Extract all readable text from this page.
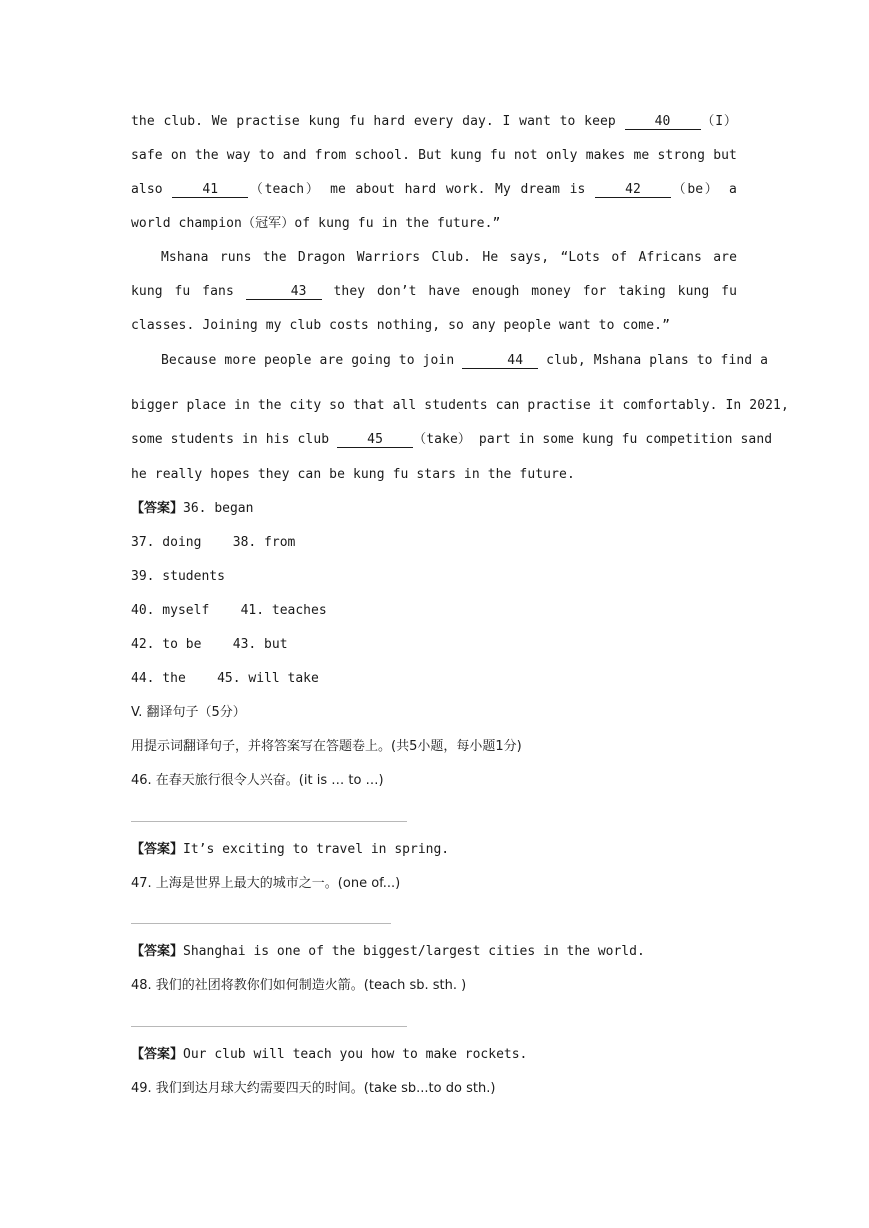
the club. We practise kung fu hard every day. I want to keep 40 （I） safe on the way to and from school. But kung fu not only makes me strong but also 41 （teach） me about hard work. My dream is 42 （be） a world champion（冠军）of kung fu in the future.”

Mshana runs the Dragon Warriors Club. He says, “Lots of Africans are kung fu fans	43 they don’t have enough money for taking kung fu classes. Joining my club costs nothing, so any people want to come.”

Because more people are going to join	44 club, Mshana plans to find a

bigger place in the city so that all students can practise it comfortably. In 2021,

some students in his club 45 （take） part in some kung fu competition sand

he really hopes they can be kung fu stars in the future.

【答案】36. began
37. doing    38. from
39. students
40. myself    41. teaches
42. to be    43. but
44. the    45. will take
V. 翻译句子（5分）
用提示词翻译句子，并将答案写在答题卷上。(共5小题，每小题1分)
46. 在春天旅行很令人兴奋。(it is … to …)
【答案】It’s exciting to travel in spring.
47. 上海是世界上最大的城市之一。(one of...)
【答案】Shanghai is one of the biggest/largest cities in the world.
48. 我们的社团将教你们如何制造火箭。(teach sb. sth. )
【答案】Our club will teach you how to make rockets.
49. 我们到达月球大约需要四天的时间。(take sb...to do sth.)
